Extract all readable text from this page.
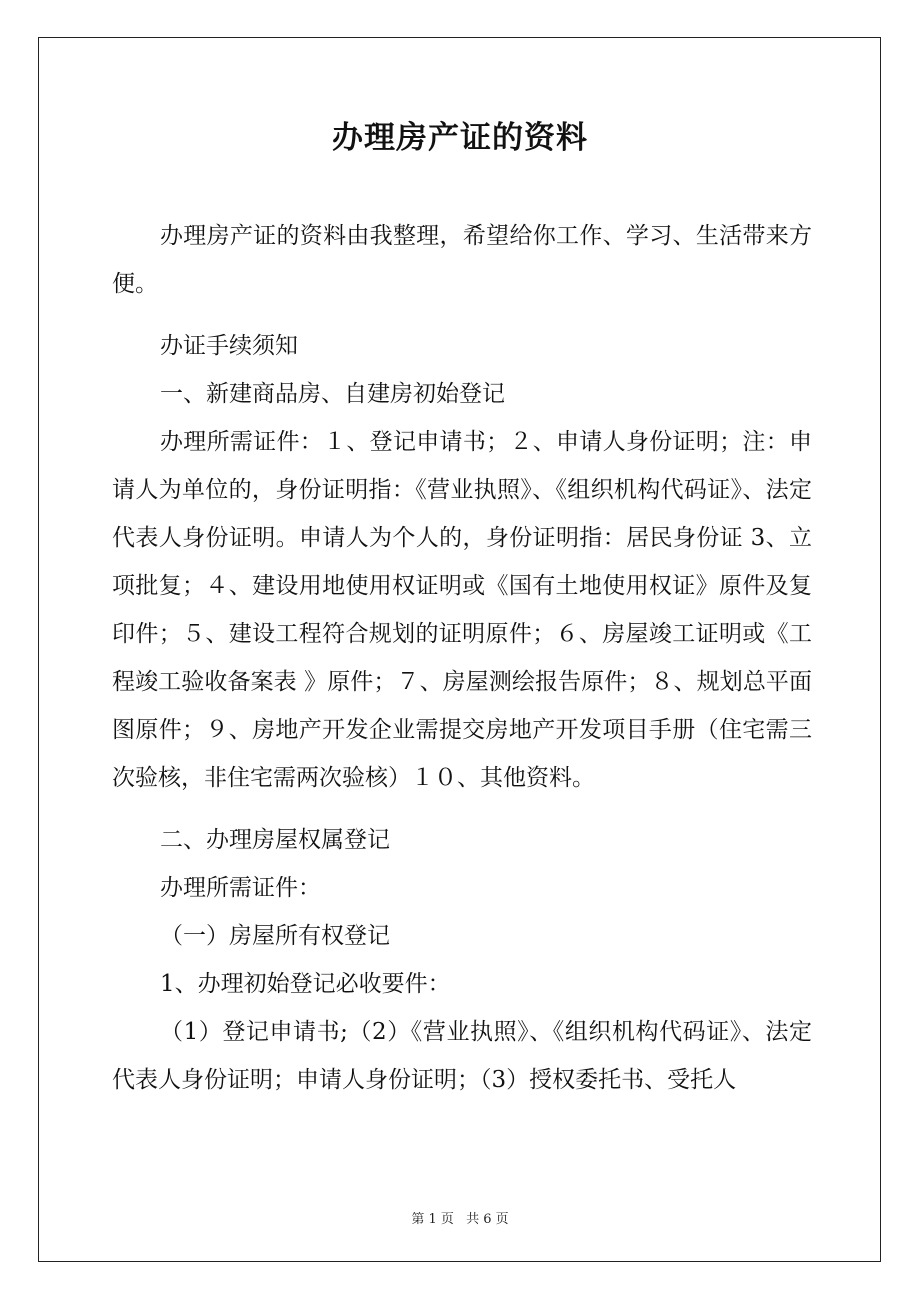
办理房产证的资料

办理房产证的资料由我整理，希望给你工作、学习、生活带来方便。

办证手续须知

一、新建商品房、自建房初始登记

办理所需证件：１、登记申请书；２、申请人身份证明；注：申请人为单位的，身份证明指：《营业执照》、《组织机构代码证》、法定代表人身份证明。申请人为个人的，身份证明指：居民身份证 3、立项批复；４、建设用地使用权证明或《国有土地使用权证》原件及复印件；５、建设工程符合规划的证明原件；６、房屋竣工证明或《工程竣工验收备案表 》原件；７、房屋测绘报告原件；８、规划总平面图原件；９、房地产开发企业需提交房地产开发项目手册（住宅需三次验核，非住宅需两次验核）１０、其他资料。

二、办理房屋权属登记

办理所需证件：

（一）房屋所有权登记

1、办理初始登记必收要件：

（1）登记申请书;（2）《营业执照》、《组织机构代码证》、法定代表人身份证明；申请人身份证明；（3）授权委托书、受托人

第 1 页 共 6 页
